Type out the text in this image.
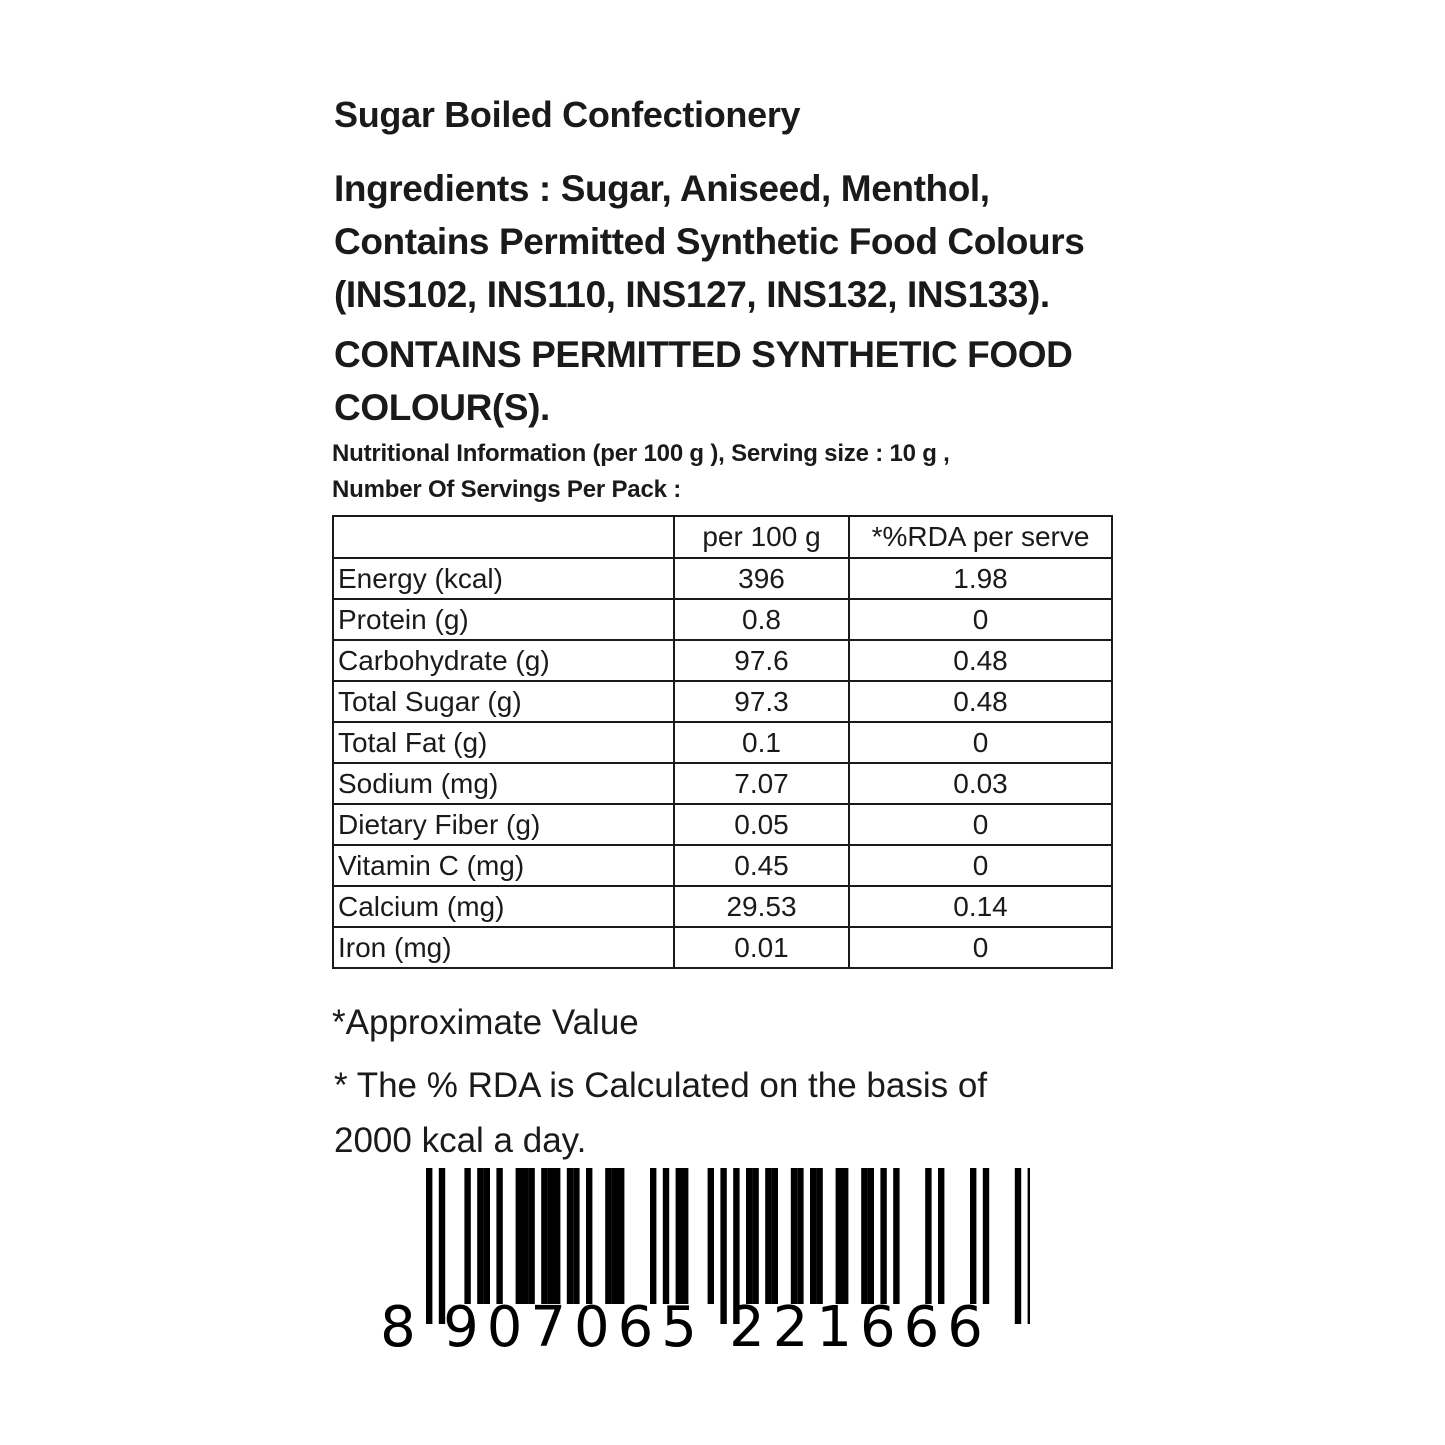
Sugar Boiled Confectionery
Ingredients : Sugar, Aniseed, Menthol,
Contains Permitted Synthetic Food Colours
(INS102, INS110, INS127, INS132, INS133).
CONTAINS PERMITTED SYNTHETIC FOOD
COLOUR(S).
Nutritional Information (per 100 g ), Serving size : 10 g ,
Number Of Servings Per Pack :
	per 100 g	*%RDA per serve
Energy (kcal)	396	1.98
Protein (g)	0.8	0
Carbohydrate (g)	97.6	0.48
Total Sugar (g)	97.3	0.48
Total Fat (g)	0.1	0
Sodium (mg)	7.07	0.03
Dietary Fiber (g)	0.05	0
Vitamin C (mg)	0.45	0
Calcium (mg)	29.53	0.14
Iron (mg)	0.01	0
*Approximate Value
* The % RDA is Calculated on the basis of
2000 kcal a day.
8 907065 221666
